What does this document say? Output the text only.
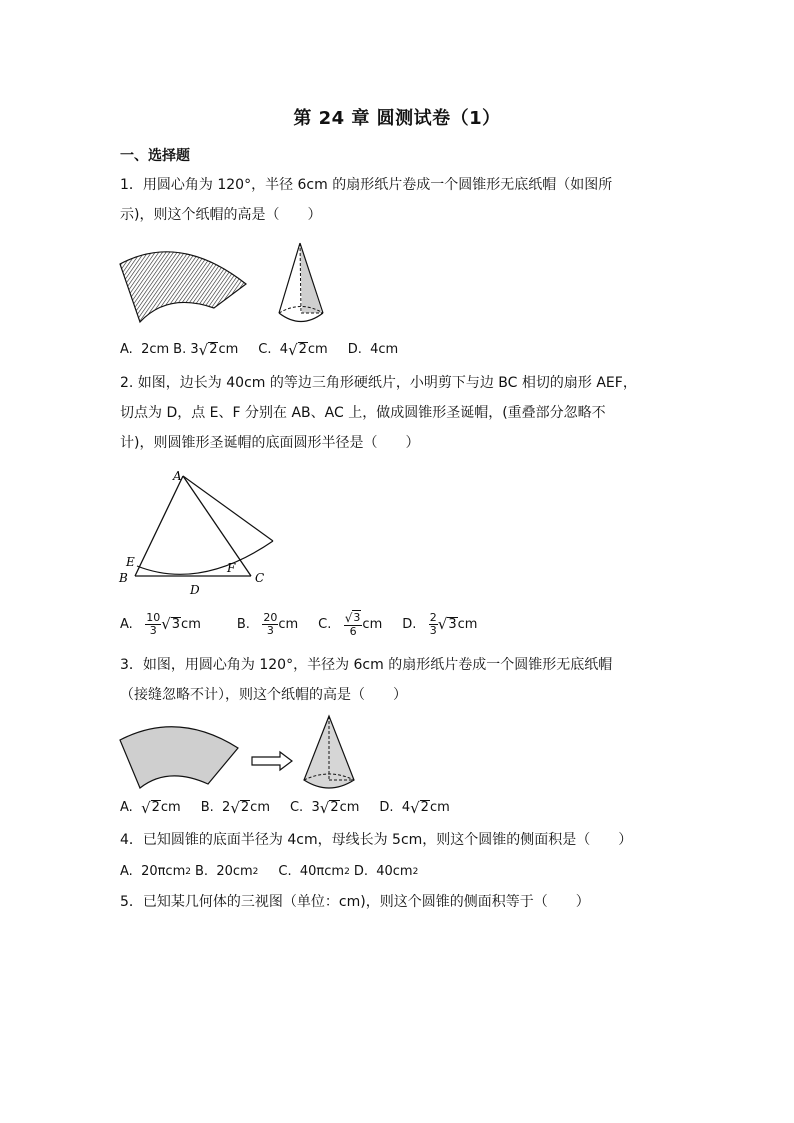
第 24 章 圆测试卷（1）
一、选择题
1．用圆心角为 120°，半径 6cm 的扇形纸片卷成一个圆锥形无底纸帽（如图所
示)，则这个纸帽的高是（　　）
A.
2cm B.
3 √ 2 cm C.
4 √ 2 cm D.
4cm
2. 如图，边长为 40cm 的等边三角形硬纸片，小明剪下与边 BC 相切的扇形 AEF，
切点为 D，点 E、F 分别在 AB、AC 上，做成圆锥形圣诞帽，(重叠部分忽略不
计)，则圆锥形圣诞帽的底面圆形半径是（　　）
A
B	C
D
E	F
A.
$\frac{10}{3}$ √ 3 cm	B.
$\frac{20}{3}$ cm C.
$\frac{√ 3}{6}$ cm D.
$\frac{2}{3}$ √ 3 cm
3．如图，用圆心角为 120°，半径为 6cm 的扇形纸片卷成一个圆锥形无底纸帽
（接缝忽略不计），则这个纸帽的高是（　　）
A.
√ 2 cm B.
2 √ 2 cm C.
3 √ 2 cm D.
4 √ 2 cm
4．已知圆锥的底面半径为 4cm，母线长为 5cm，则这个圆锥的侧面积是（　　）
A.
20πcm 2 B.
20cm 2 C.
40πcm 2 D.
40cm 2
5．已知某几何体的三视图（单位：cm)，则这个圆锥的侧面积等于（　　）
